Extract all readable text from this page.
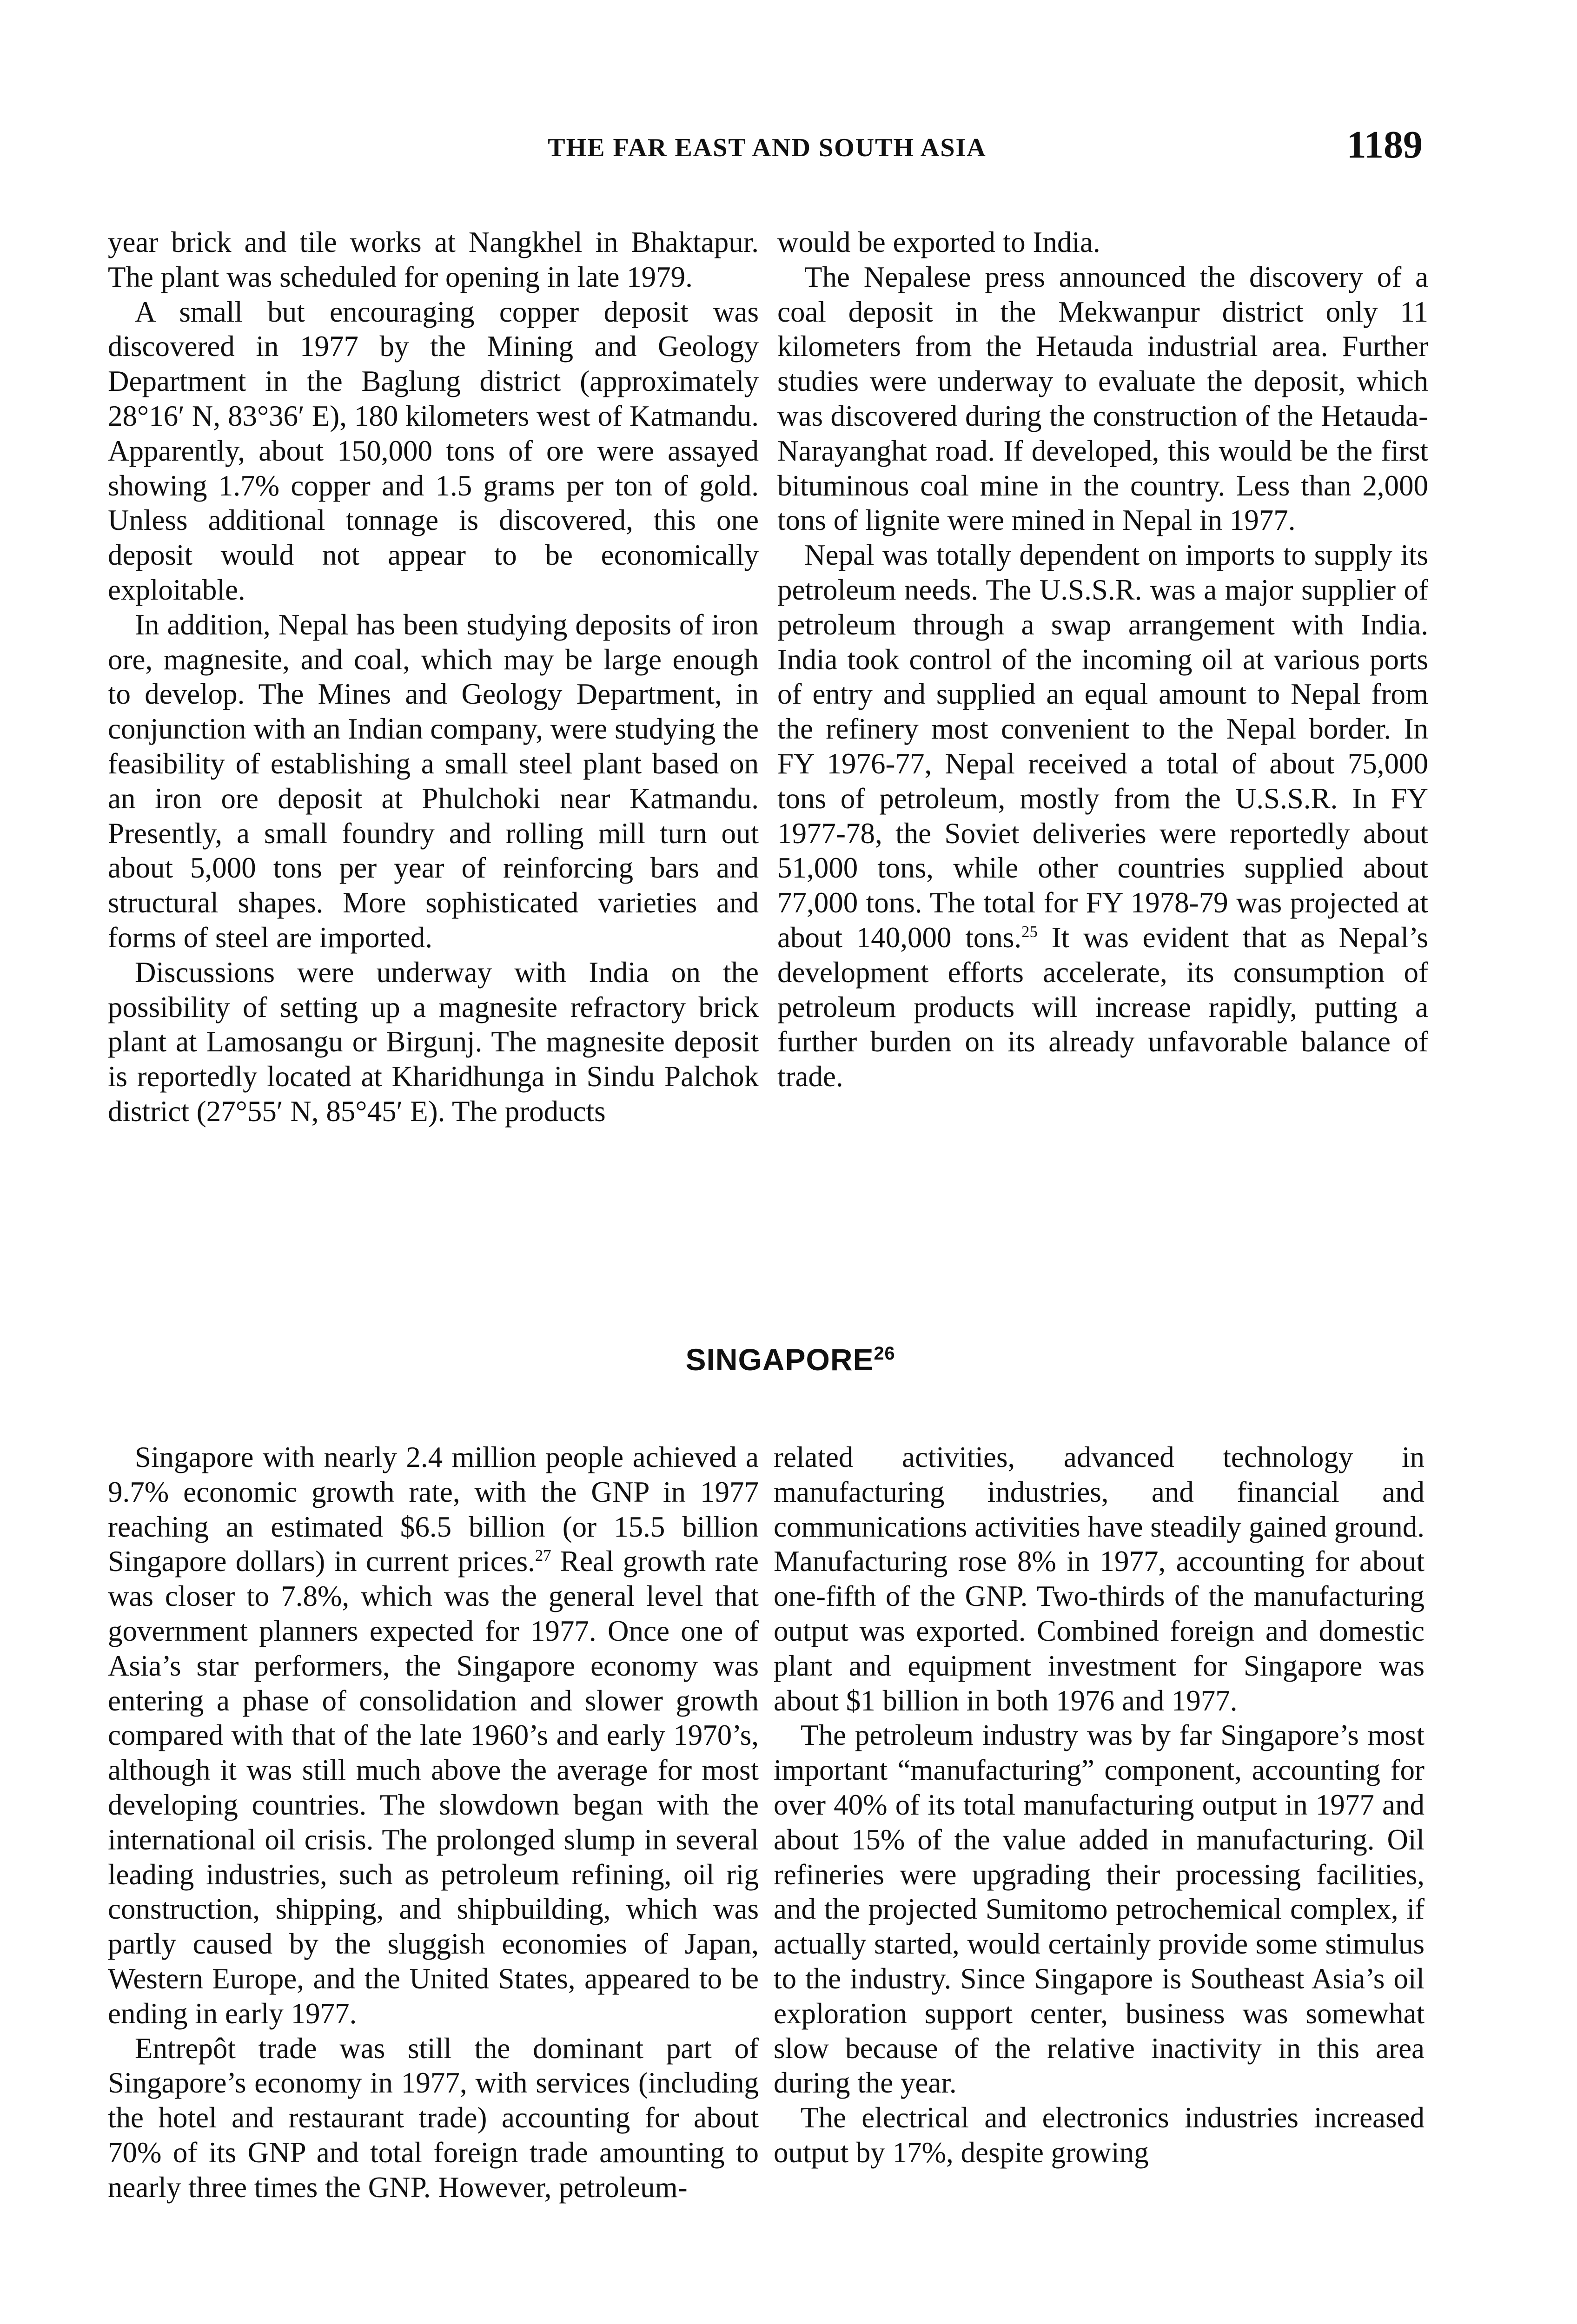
THE FAR EAST AND SOUTH ASIA	1189

year brick and tile works at Nangkhel in Bhaktapur. The plant was scheduled for opening in late 1979.

A small but encouraging copper deposit was discovered in 1977 by the Mining and Geology Department in the Baglung district (approximately 28°16′ N, 83°36′ E), 180 kilometers west of Katmandu. Apparently, about 150,000 tons of ore were assayed showing 1.7% copper and 1.5 grams per ton of gold. Unless additional tonnage is discovered, this one deposit would not appear to be economically exploitable.

In addition, Nepal has been studying deposits of iron ore, magnesite, and coal, which may be large enough to develop. The Mines and Geology Department, in conjunction with an Indian company, were studying the feasibility of establishing a small steel plant based on an iron ore deposit at Phulchoki near Katmandu. Presently, a small foundry and rolling mill turn out about 5,000 tons per year of reinforcing bars and structural shapes. More sophisticated varieties and forms of steel are imported.

Discussions were underway with India on the possibility of setting up a magnesite refractory brick plant at Lamosangu or Birgunj. The magnesite deposit is reportedly located at Kharidhunga in Sindu Palchok district (27°55′ N, 85°45′ E). The products

would be exported to India.

The Nepalese press announced the discovery of a coal deposit in the Mekwanpur district only 11 kilometers from the Hetauda industrial area. Further studies were underway to evaluate the deposit, which was discovered during the construction of the Hetauda-Narayanghat road. If developed, this would be the first bituminous coal mine in the country. Less than 2,000 tons of lignite were mined in Nepal in 1977.

Nepal was totally dependent on imports to supply its petroleum needs. The U.S.S.R. was a major supplier of petroleum through a swap arrangement with India. India took control of the incoming oil at various ports of entry and supplied an equal amount to Nepal from the refinery most convenient to the Nepal border. In FY 1976-77, Nepal received a total of about 75,000 tons of petroleum, mostly from the U.S.S.R. In FY 1977-78, the Soviet deliveries were reportedly about 51,000 tons, while other countries supplied about 77,000 tons. The total for FY 1978-79 was projected at about 140,000 tons.$^{25}$ It was evident that as Nepal’s development efforts accelerate, its consumption of petroleum products will increase rapidly, putting a further burden on its already unfavorable balance of trade.

SINGAPORE$^{26}$

Singapore with nearly 2.4 million people achieved a 9.7% economic growth rate, with the GNP in 1977 reaching an estimated $6.5 billion (or 15.5 billion Singapore dollars) in current prices.$^{27}$ Real growth rate was closer to 7.8%, which was the general level that government planners expected for 1977. Once one of Asia’s star performers, the Singapore economy was entering a phase of consolidation and slower growth compared with that of the late 1960’s and early 1970’s, although it was still much above the average for most developing countries. The slowdown began with the international oil crisis. The prolonged slump in several leading industries, such as petroleum refining, oil rig construction, shipping, and shipbuilding, which was partly caused by the sluggish economies of Japan, Western Europe, and the United States, appeared to be ending in early 1977.

Entrepôt trade was still the dominant part of Singapore’s economy in 1977, with services (including the hotel and restaurant trade) accounting for about 70% of its GNP and total foreign trade amounting to nearly three times the GNP. However, petroleum-

related activities, advanced technology in manufacturing industries, and financial and communications activities have steadily gained ground. Manufacturing rose 8% in 1977, accounting for about one-fifth of the GNP. Two-thirds of the manufacturing output was exported. Combined foreign and domestic plant and equipment investment for Singapore was about $1 billion in both 1976 and 1977.

The petroleum industry was by far Singapore’s most important “manufacturing” component, accounting for over 40% of its total manufacturing output in 1977 and about 15% of the value added in manufacturing. Oil refineries were upgrading their processing facilities, and the projected Sumitomo petrochemical complex, if actually started, would certainly provide some stimulus to the industry. Since Singapore is Southeast Asia’s oil exploration support center, business was somewhat slow because of the relative inactivity in this area during the year.

The electrical and electronics industries increased output by 17%, despite growing
